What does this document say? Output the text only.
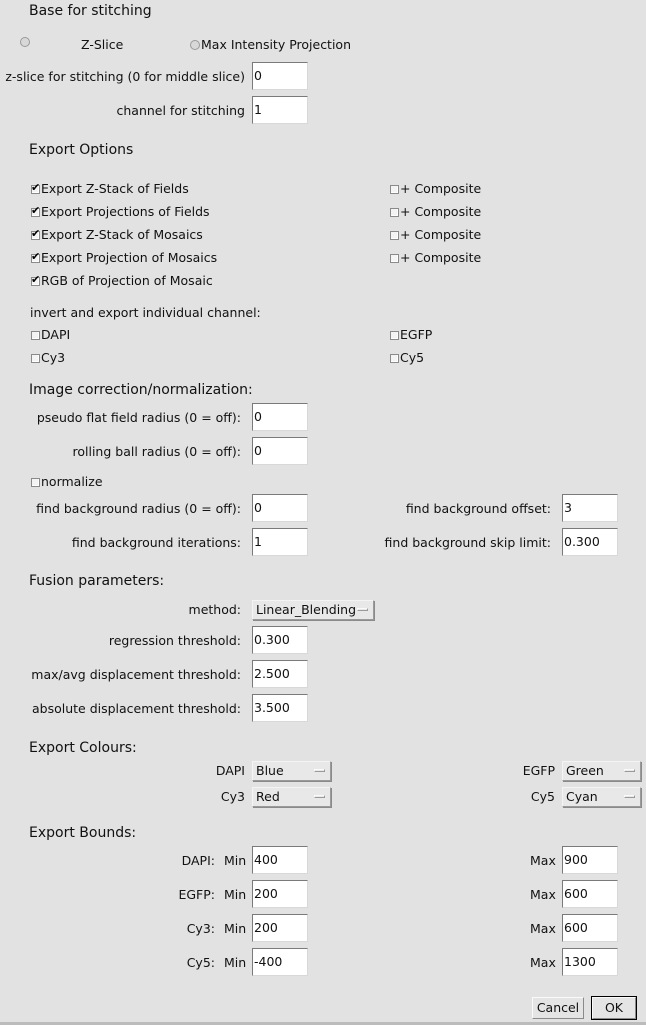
Base for stitching
Z-Slice	Max Intensity Projection
z-slice for stitching (0 for middle slice) 0
channel for stitching 1
Export Options
✔
Export Z-Stack of Fields	+ Composite
✔
Export Projections of Fields	+ Composite
✔
Export Z-Stack of Mosaics	+ Composite
✔
Export Projection of Mosaics	+ Composite
✔
RGB of Projection of Mosaic
invert and export individual channel:
DAPI	EGFP
Cy3	Cy5
Image correction/normalization:
pseudo flat field radius (0 = off): 0
rolling ball radius (0 = off): 0
normalize
find background radius (0 = off): 0	find background offset: 3
find background iterations: 1	find background skip limit: 0.300
Fusion parameters:
method:	Linear_Blending
regression threshold: 0.300
max/avg displacement threshold: 2.500
absolute displacement threshold: 3.500
Export Colours:
DAPI Blue	EGFP Green
Cy3 Red	Cy5 Cyan
Export Bounds:
DAPI: Min 400	Max 900
EGFP: Min 200	Max 600
Cy3: Min 200	Max 600
Cy5: Min -400	Max 1300
Cancel	OK
